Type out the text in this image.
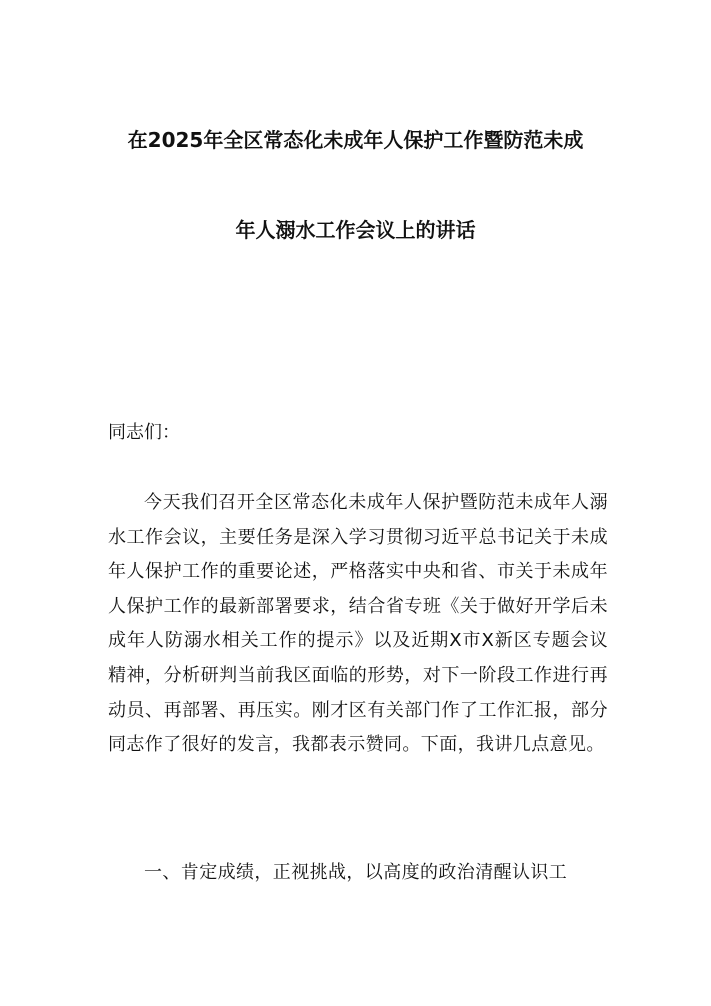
在2025年全区常态化未成年人保护工作暨防范未成
年人溺水工作会议上的讲话
同志们：
今天我们召开全区常态化未成年人保护暨防范未成年人溺水工作会议，主要任务是深入学习贯彻习近平总书记关于未成年人保护工作的重要论述，严格落实中央和省、市关于未成年人保护工作的最新部署要求，结合省专班《关于做好开学后未成年人防溺水相关工作的提示》以及近期X市X新区专题会议精神，分析研判当前我区面临的形势，对下一阶段工作进行再动员、再部署、再压实。刚才区有关部门作了工作汇报，部分同志作了很好的发言，我都表示赞同。下面，我讲几点意见。
一、肯定成绩，正视挑战，以高度的政治清醒认识工
